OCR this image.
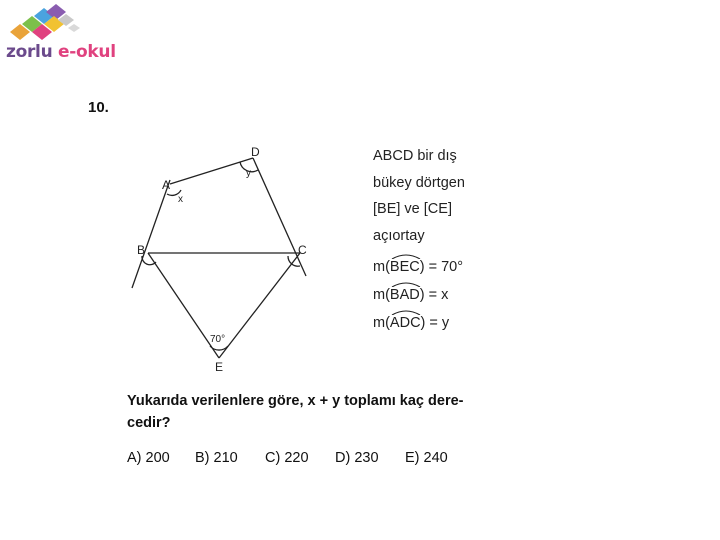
zorlu e-okul
10.
A
D
B	C
E
x
y
70°
ABCD bir dış
bükey dörtgen
[BE] ve [CE]
açıortay
m(
BEC) = 70°
m(
BAD) = x
m(
ADC) = y
Yukarıda verilenlere göre, x + y toplamı kaç dere-
cedir?
A) 200	B) 210	C) 220	D) 230	E) 240
